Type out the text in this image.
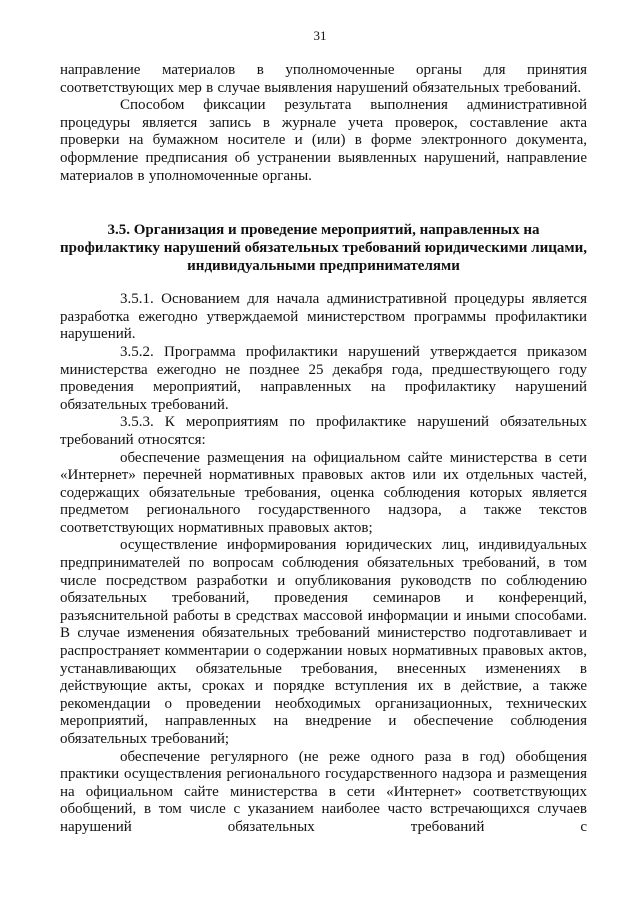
31

направление материалов в уполномоченные органы для принятия соответствующих мер в случае выявления нарушений обязательных требований.

Способом фиксации результата выполнения административной процедуры является запись в журнале учета проверок, составление акта проверки на бумажном носителе и (или) в форме электронного документа, оформление предписания об устранении выявленных нарушений, направление материалов в уполномоченные органы.

3.5. Организация и проведение мероприятий, направленных на профилактику нарушений обязательных требований юридическими лицами, индивидуальными предпринимателями

3.5.1. Основанием для начала административной процедуры является разработка ежегодно утверждаемой министерством программы профилактики нарушений.

3.5.2. Программа профилактики нарушений утверждается приказом министерства ежегодно не позднее 25 декабря года, предшествующего году проведения мероприятий, направленных на профилактику нарушений обязательных требований.

3.5.3. К мероприятиям по профилактике нарушений обязательных требований относятся:

обеспечение размещения на официальном сайте министерства в сети «Интернет» перечней нормативных правовых актов или их отдельных частей, содержащих обязательные требования, оценка соблюдения которых является предметом регионального государственного надзора, а также текстов соответствующих нормативных правовых актов;

осуществление информирования юридических лиц, индивидуальных предпринимателей по вопросам соблюдения обязательных требований, в том числе посредством разработки и опубликования руководств по соблюдению обязательных требований, проведения семинаров и конференций, разъяснительной работы в средствах массовой информации и иными способами. В случае изменения обязательных требований министерство подготавливает и распространяет комментарии о содержании новых нормативных правовых актов, устанавливающих обязательные требования, внесенных изменениях в действующие акты, сроках и порядке вступления их в действие, а также рекомендации о проведении необходимых организационных, технических мероприятий, направленных на внедрение и обеспечение соблюдения обязательных требований;

обеспечение регулярного (не реже одного раза в год) обобщения практики осуществления регионального государственного надзора и размещения на официальном сайте министерства в сети «Интернет» соответствующих обобщений, в том числе с указанием наиболее часто встречающихся случаев нарушений обязательных требований с
